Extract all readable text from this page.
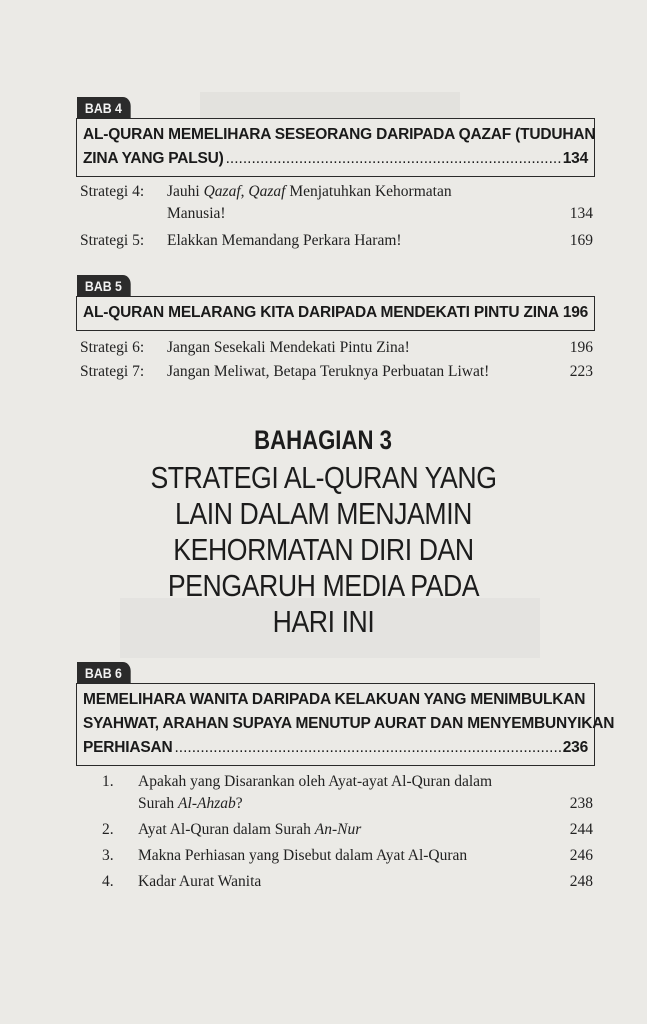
BAB 4
AL-QURAN MEMELIHARA SESEORANG DARIPADA QAZAF (TUDUHAN
ZINA YANG PALSU) .....	134
Strategi 4:	Jauhi Qazaf, Qazaf Menjatuhkan Kehormatan
Manusia!	134
Strategi 5:	Elakkan Memandang Perkara Haram!	169
BAB 5
AL-QURAN MELARANG KITA DARIPADA MENDEKATI PINTU ZINA 196
Strategi 6:	Jangan Sesekali Mendekati Pintu Zina!	196
Strategi 7:	Jangan Meliwat, Betapa Teruknya Perbuatan Liwat!	223
BAHAGIAN 3
STRATEGI AL-QURAN YANG
LAIN DALAM MENJAMIN
KEHORMATAN DIRI DAN
PENGARUH MEDIA PADA
HARI INI
BAB 6
MEMELIHARA WANITA DARIPADA KELAKUAN YANG MENIMBULKAN
SYAHWAT, ARAHAN SUPAYA MENUTUP AURAT DAN MENYEMBUNYIKAN
PERHIASAN .....	236
1.	Apakah yang Disarankan oleh Ayat-ayat Al-Quran dalam
Surah Al-Ahzab?	238
2.	Ayat Al-Quran dalam Surah An-Nur	244
3.	Makna Perhiasan yang Disebut dalam Ayat Al-Quran	246
4.	Kadar Aurat Wanita	248
